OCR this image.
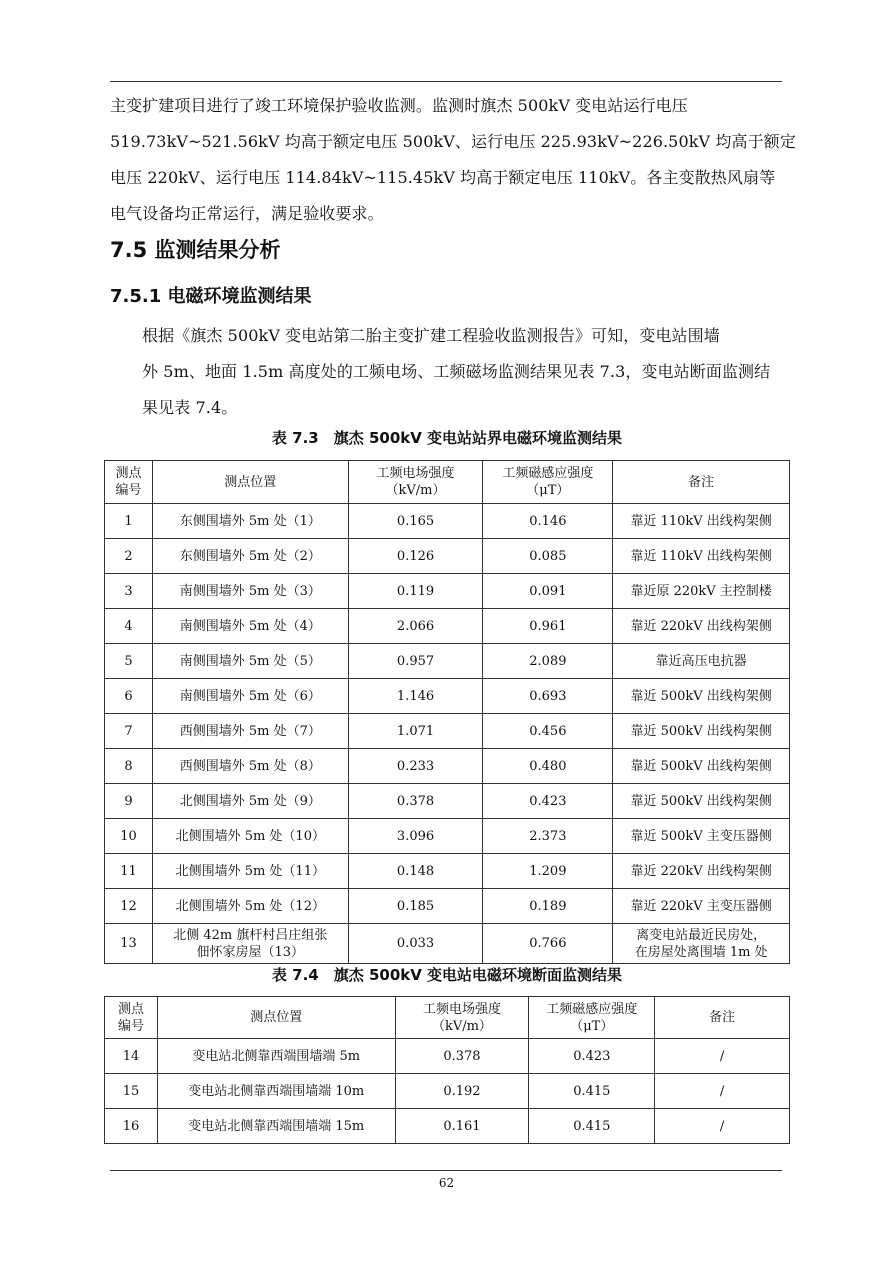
主变扩建项目进行了竣工环境保护验收监测。监测时旗杰 500kV 变电站运行电压
519.73kV~521.56kV 均高于额定电压 500kV、运行电压 225.93kV~226.50kV 均高于额定
电压 220kV、运行电压 114.84kV~115.45kV 均高于额定电压 110kV。各主变散热风扇等
电气设备均正常运行，满足验收要求。

7.5 监测结果分析
7.5.1 电磁环境监测结果

根据《旗杰 500kV 变电站第二胎主变扩建工程验收监测报告》可知，变电站围墙
外 5m、地面 1.5m 高度处的工频电场、工频磁场监测结果见表 7.3，变电站断面监测结
果见表 7.4。

表 7.3　旗杰 500kV 变电站站界电磁环境监测结果

测点
编号	测点位置	工频电场强度
（kV/m）	工频磁感应强度
（μT）	备注
1	东侧围墙外 5m 处（1）	0.165	0.146	靠近 110kV 出线构架侧
2	东侧围墙外 5m 处（2）	0.126	0.085	靠近 110kV 出线构架侧
3	南侧围墙外 5m 处（3）	0.119	0.091	靠近原 220kV 主控制楼
4	南侧围墙外 5m 处（4）	2.066	0.961	靠近 220kV 出线构架侧
5	南侧围墙外 5m 处（5）	0.957	2.089	靠近高压电抗器
6	南侧围墙外 5m 处（6）	1.146	0.693	靠近 500kV 出线构架侧
7	西侧围墙外 5m 处（7）	1.071	0.456	靠近 500kV 出线构架侧
8	西侧围墙外 5m 处（8）	0.233	0.480	靠近 500kV 出线构架侧
9	北侧围墙外 5m 处（9）	0.378	0.423	靠近 500kV 出线构架侧
10	北侧围墙外 5m 处（10）	3.096	2.373	靠近 500kV 主变压器侧
11	北侧围墙外 5m 处（11）	0.148	1.209	靠近 220kV 出线构架侧
12	北侧围墙外 5m 处（12）	0.185	0.189	靠近 220kV 主变压器侧
13	北侧 42m 旗杆村吕庄组张
佃怀家房屋（13）	0.033	0.766	离变电站最近民房处，
在房屋处离围墙 1m 处

表 7.4　旗杰 500kV 变电站电磁环境断面监测结果

测点
编号	测点位置	工频电场强度
（kV/m）	工频磁感应强度
（μT）	备注
14	变电站北侧靠西端围墙端 5m	0.378	0.423	/
15	变电站北侧靠西端围墙端 10m	0.192	0.415	/
16	变电站北侧靠西端围墙端 15m	0.161	0.415	/

62
